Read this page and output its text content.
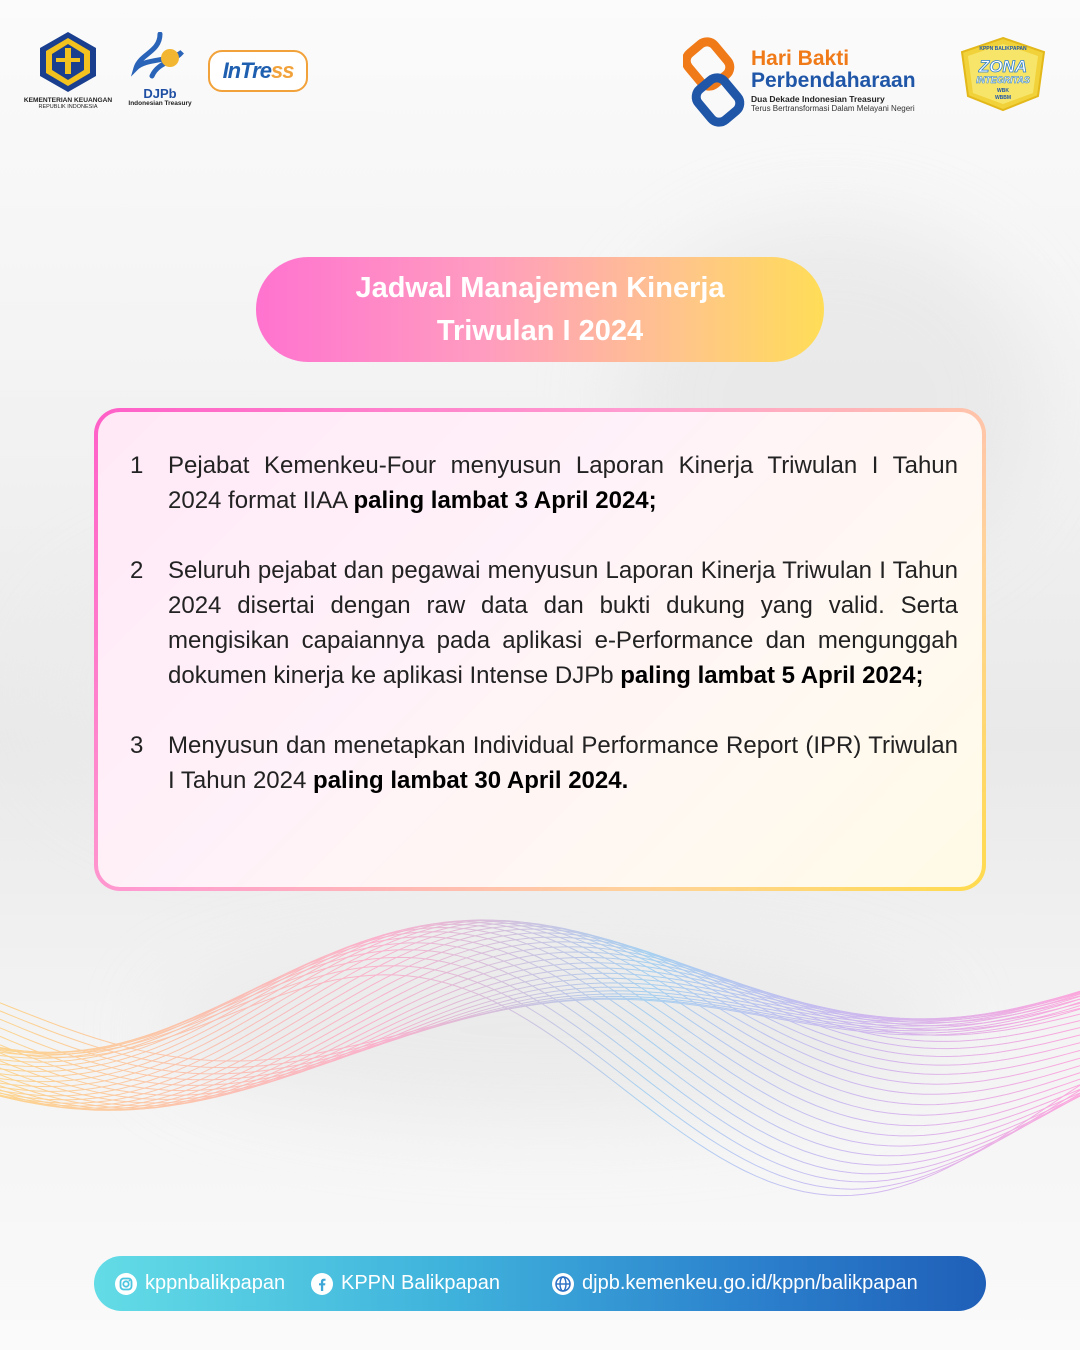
KEMENTERIAN KEUANGAN
REPUBLIK INDONESIA
DJPb
Indonesian Treasury
InTress	Hari Bakti
Perbendaharaan
Dua Dekade Indonesian Treasury
Terus Bertransformasi Dalam Melayani Negeri
KPPN BALIKPAPAN
ZONA
INTEGRITAS
WBK
WBBM
Jadwal Manajemen Kinerja
Triwulan I 2024
1	Pejabat Kemenkeu-Four menyusun Laporan Kinerja Triwulan I Tahun 2024 format IIAA paling lambat 3 April 2024;
2	Seluruh pejabat dan pegawai menyusun Laporan Kinerja Triwulan I Tahun 2024 disertai dengan raw data dan bukti dukung yang valid. Serta mengisikan capaiannya pada aplikasi e-Performance dan mengunggah dokumen kinerja ke aplikasi Intense DJPb paling lambat 5 April 2024;
3	Menyusun dan menetapkan Individual Performance Report (IPR) Triwulan I Tahun 2024 paling lambat 30 April 2024.
kppnbalikpapan	KPPN Balikpapan	djpb.kemenkeu.go.id/kppn/balikpapan
